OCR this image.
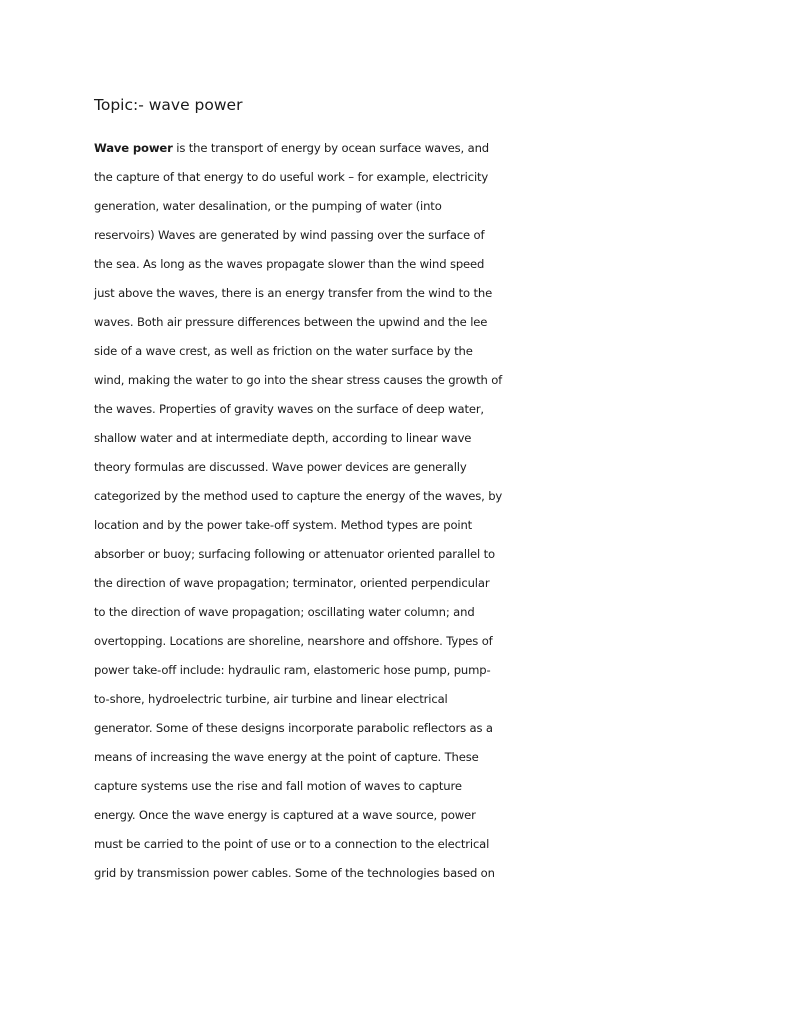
Topic:- wave power
Wave power is the transport of energy by ocean surface waves, and
the capture of that energy to do useful work – for example, electricity
generation, water desalination, or the pumping of water (into
reservoirs) Waves are generated by wind passing over the surface of
the sea. As long as the waves propagate slower than the wind speed
just above the waves, there is an energy transfer from the wind to the
waves. Both air pressure differences between the upwind and the lee
side of a wave crest, as well as friction on the water surface by the
wind, making the water to go into the shear stress causes the growth of
the waves. Properties of gravity waves on the surface of deep water,
shallow water and at intermediate depth, according to linear wave
theory formulas are discussed. Wave power devices are generally
categorized by the method used to capture the energy of the waves, by
location and by the power take-off system. Method types are point
absorber or buoy; surfacing following or attenuator oriented parallel to
the direction of wave propagation; terminator, oriented perpendicular
to the direction of wave propagation; oscillating water column; and
overtopping. Locations are shoreline, nearshore and offshore. Types of
power take-off include: hydraulic ram, elastomeric hose pump, pump-
to-shore, hydroelectric turbine, air turbine and linear electrical
generator. Some of these designs incorporate parabolic reflectors as a
means of increasing the wave energy at the point of capture. These
capture systems use the rise and fall motion of waves to capture
energy. Once the wave energy is captured at a wave source, power
must be carried to the point of use or to a connection to the electrical
grid by transmission power cables. Some of the technologies based on
